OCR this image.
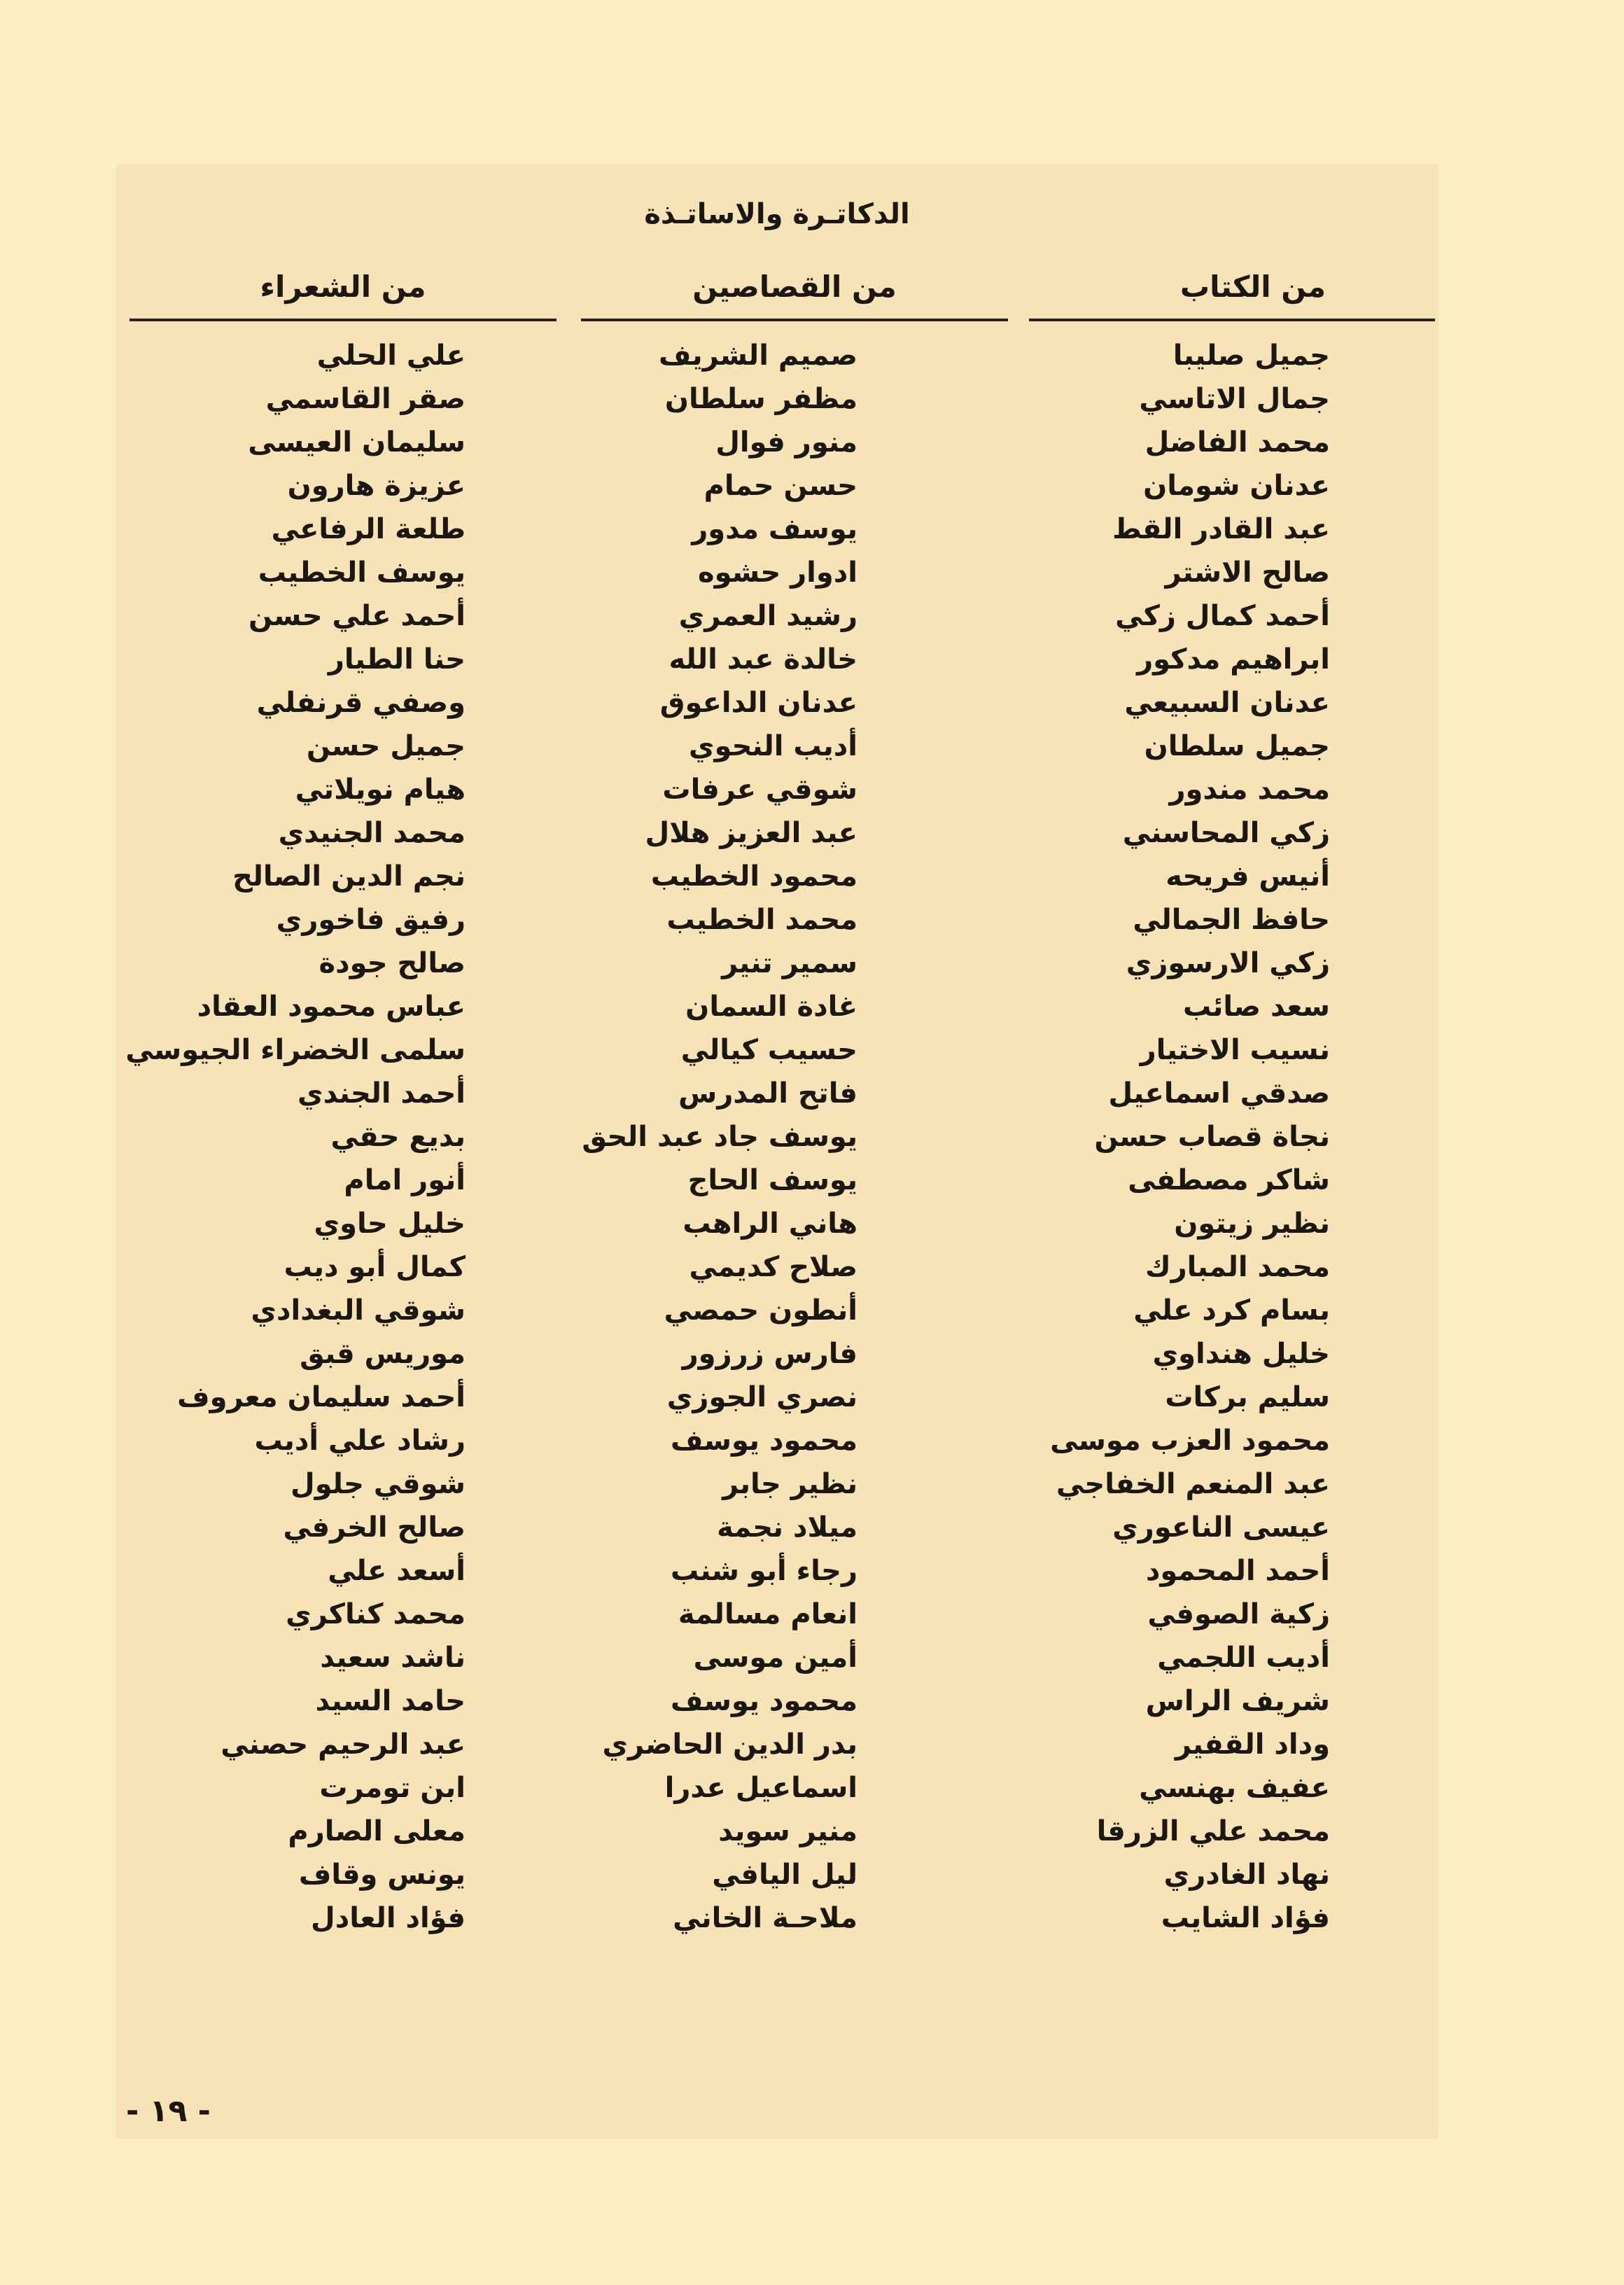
الدكاتـرة والاساتـذة
من الكتاب
جميل صليبا
جمال الاتاسي
محمد الفاضل
عدنان شومان
عبد القادر القط
صالح الاشتر
أحمد كمال زكي
ابراهيم مدكور
عدنان السبيعي
جميل سلطان
محمد مندور
زكي المحاسني
أنيس فريحه
حافظ الجمالي
زكي الارسوزي
سعد صائب
نسيب الاختيار
صدقي اسماعيل
نجاة قصاب حسن
شاكر مصطفى
نظير زيتون
محمد المبارك
بسام كرد علي
خليل هنداوي
سليم بركات
محمود العزب موسى
عبد المنعم الخفاجي
عيسى الناعوري
أحمد المحمود
زكية الصوفي
أديب اللجمي
شريف الراس
وداد القفير
عفيف بهنسي
محمد علي الزرقا
نهاد الغادري
فؤاد الشايب
من القصاصين
صميم الشريف
مظفر سلطان
منور فوال
حسن حمام
يوسف مدور
ادوار حشوه
رشيد العمري
خالدة عبد الله
عدنان الداعوق
أديب النحوي
شوقي عرفات
عبد العزيز هلال
محمود الخطيب
محمد الخطيب
سمير تنير
غادة السمان
حسيب كيالي
فاتح المدرس
يوسف جاد عبد الحق
يوسف الحاج
هاني الراهب
صلاح كديمي
أنطون حمصي
فارس زرزور
نصري الجوزي
محمود يوسف
نظير جابر
ميلاد نجمة
رجاء أبو شنب
انعام مسالمة
أمين موسى
محمود يوسف
بدر الدين الحاضري
اسماعيل عدرا
منير سويد
ليل اليافي
ملاحـة الخاني
من الشعراء
علي الحلي
صقر القاسمي
سليمان العيسى
عزيزة هارون
طلعة الرفاعي
يوسف الخطيب
أحمد علي حسن
حنا الطيار
وصفي قرنفلي
جميل حسن
هيام نويلاتي
محمد الجنيدي
نجم الدين الصالح
رفيق فاخوري
صالح جودة
عباس محمود العقاد
سلمى الخضراء الجيوسي
أحمد الجندي
بديع حقي
أنور امام
خليل حاوي
كمال أبو ديب
شوقي البغدادي
موريس قبق
أحمد سليمان معروف
رشاد علي أديب
شوقي جلول
صالح الخرفي
أسعد علي
محمد كناكري
ناشد سعيد
حامد السيد
عبد الرحيم حصني
ابن تومرت
معلى الصارم
يونس وقاف
فؤاد العادل
- ١٩ -
